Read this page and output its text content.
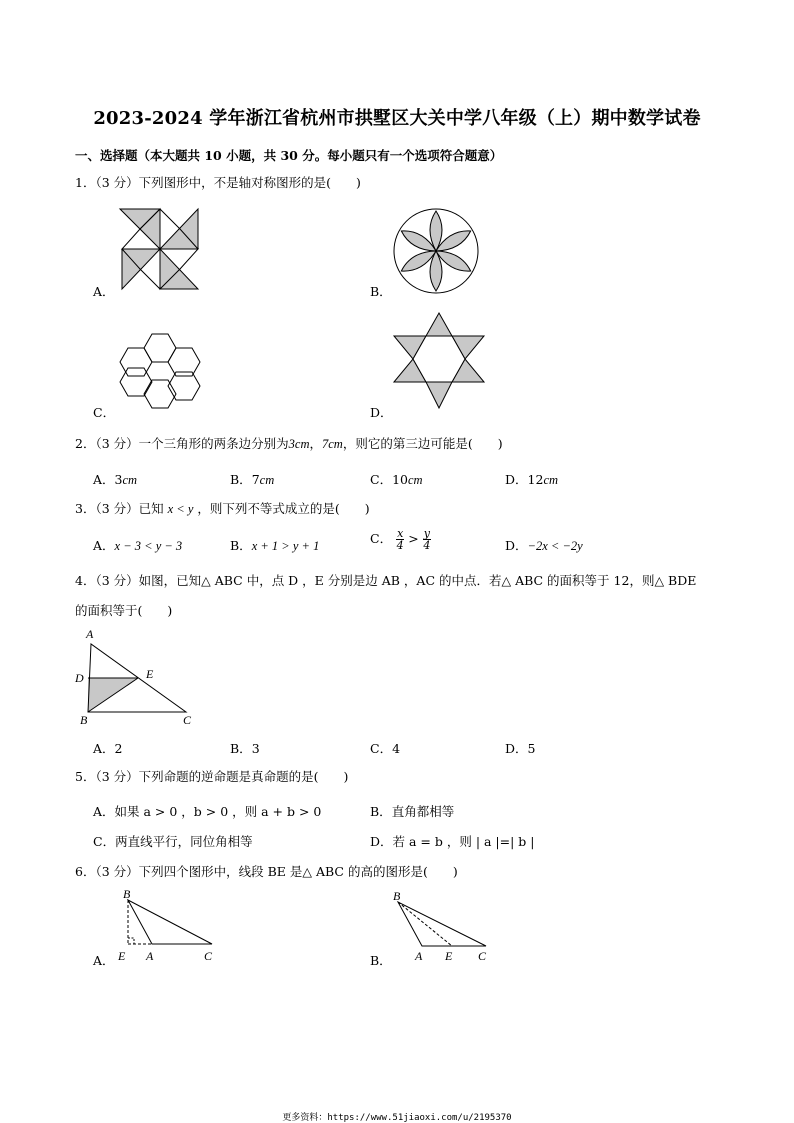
2023-2024 学年浙江省杭州市拱墅区大关中学八年级（上）期中数学试卷
一、选择题（本大题共 10 小题，共 30 分。每小题只有一个选项符合题意）
1．（3 分）下列图形中，不是轴对称图形的是(　　)
A．	B．
C．	D．
2．（3 分）一个三角形的两条边分别为3cm，7cm，则它的第三边可能是(　　)
A．3cm	B．7cm	C．10cm	D．12cm
3．（3 分）已知 x < y ，则下列不等式成立的是(　　)
A．x − 3 < y − 3	B．x + 1 > y + 1	C． $\frac{x}{4} > \frac{y}{4}$	D．−2x < −2y
4．（3 分）如图，已知△ ABC 中，点 D ，E 分别是边 AB ，AC 的中点．若△ ABC 的面积等于 12，则△ BDE
的面积等于(　　)
A
D	E
B	C
A．2	B．3	C．4	D．5
5．（3 分）下列命题的逆命题是真命题的是(　　)
A．如果 a > 0 ，b > 0 ，则 a + b > 0	B．直角都相等
C．两直线平行，同位角相等	D．若 a = b ，则 | a |=| b |
6．（3 分）下列四个图形中，线段 BE 是△ ABC 的高的图形是(　　)
B
E A	C
A．
B
A E C
B．
更多资料：https://www.51jiaoxi.com/u/2195370
